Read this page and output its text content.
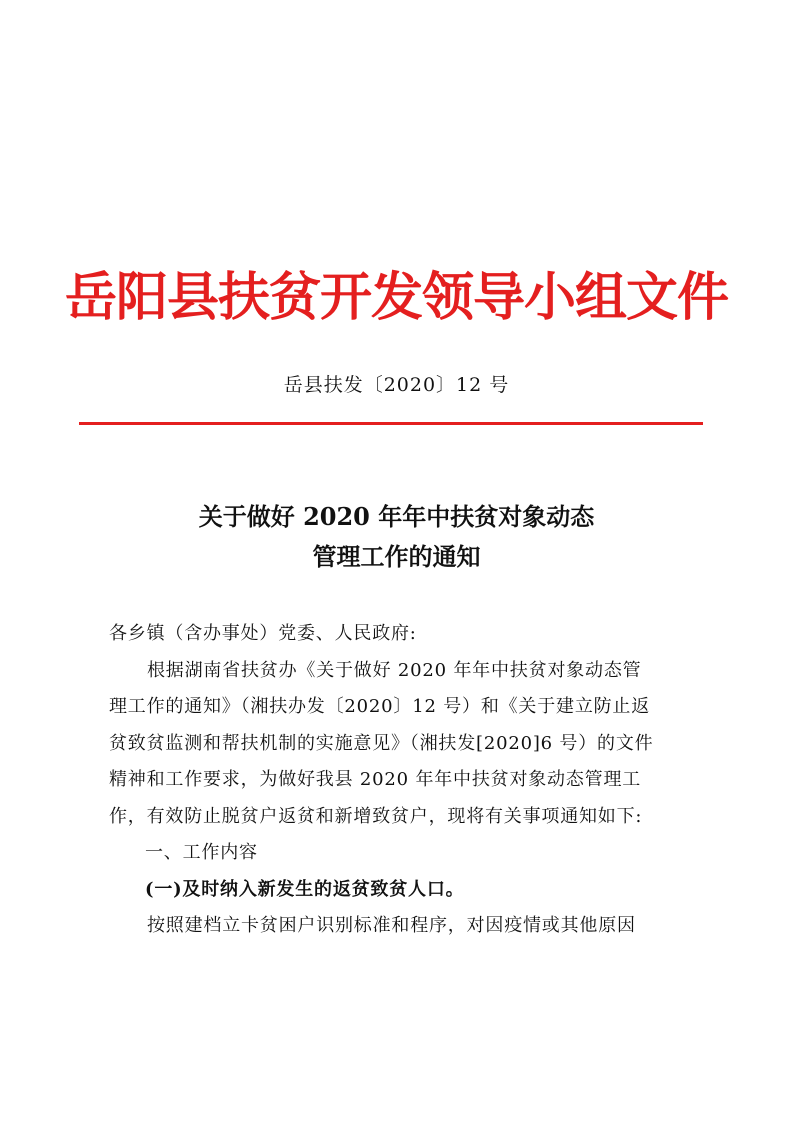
岳阳县扶贫开发领导小组文件
岳县扶发〔2020〕12 号
关于做好 2020 年年中扶贫对象动态
管理工作的通知

各乡镇（含办事处）党委、人民政府:

根据湖南省扶贫办《关于做好 2020 年年中扶贫对象动态管

理工作的通知》（湘扶办发〔2020〕12 号）和《关于建立防止返

贫致贫监测和帮扶机制的实施意见》（湘扶发[2020]6 号）的文件

精神和工作要求，为做好我县 2020 年年中扶贫对象动态管理工

作，有效防止脱贫户返贫和新增致贫户，现将有关事项通知如下:

一、工作内容

(一)及时纳入新发生的返贫致贫人口。

按照建档立卡贫困户识别标准和程序，对因疫情或其他原因
